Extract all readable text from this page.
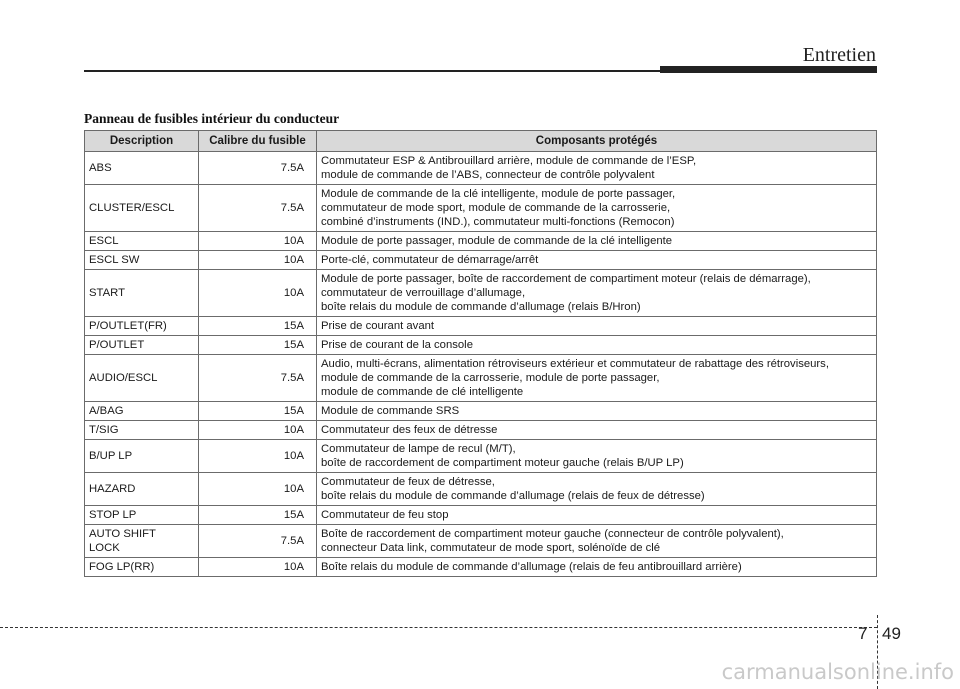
Entretien
Panneau de fusibles intérieur du conducteur
Description	Calibre du fusible	Composants protégés

ABS	7.5A	Commutateur ESP & Antibrouillard arrière, module de commande de l’ESP,
module de commande de l’ABS, connecteur de contrôle polyvalent

CLUSTER/ESCL	7.5A	Module de commande de la clé intelligente, module de porte passager,
commutateur de mode sport, module de commande de la carrosserie,
combiné d’instruments (IND.), commutateur multi-fonctions (Remocon)

ESCL	10A	Module de porte passager, module de commande de la clé intelligente

ESCL SW	10A	Porte-clé, commutateur de démarrage/arrêt

START	10A	Module de porte passager, boîte de raccordement de compartiment moteur (relais de démarrage),
commutateur de verrouillage d’allumage,
boîte relais du module de commande d’allumage (relais B/Hron)

P/OUTLET(FR)	15A	Prise de courant avant

P/OUTLET	15A	Prise de courant de la console

AUDIO/ESCL	7.5A	Audio, multi-écrans, alimentation rétroviseurs extérieur et commutateur de rabattage des rétroviseurs,
module de commande de la carrosserie, module de porte passager,
module de commande de clé intelligente

A/BAG	15A	Module de commande SRS

T/SIG	10A	Commutateur des feux de détresse

B/UP LP	10A	Commutateur de lampe de recul (M/T),
boîte de raccordement de compartiment moteur gauche (relais B/UP LP)

HAZARD	10A	Commutateur de feux de détresse,
boîte relais du module de commande d’allumage (relais de feux de détresse)

STOP LP	15A	Commutateur de feu stop

AUTO SHIFT
LOCK	7.5A	Boîte de raccordement de compartiment moteur gauche (connecteur de contrôle polyvalent),
connecteur Data link, commutateur de mode sport, solénoïde de clé

FOG LP(RR)	10A	Boîte relais du module de commande d’allumage (relais de feu antibrouillard arrière)
7 49
carmanualsonline.info
